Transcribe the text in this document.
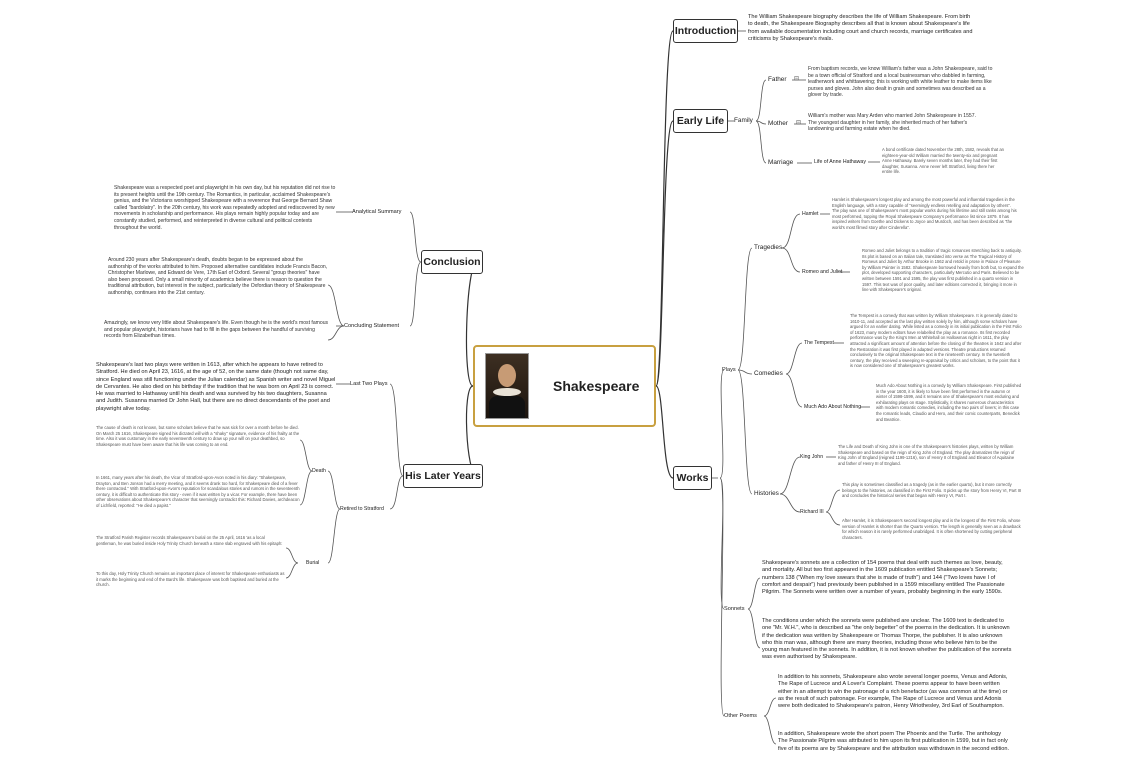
Shakespeare
Introduction
Early Life
Works
Conclusion
His Later Years
The William Shakespeare biography describes the life of William Shakespeare. From birth to death, the Shakespeare Biography describes all that is known about Shakespeare's life from available documentation including court and church records, marriage certificates and criticisms by Shakespeare's rivals.
Family
Father ⊟
From baptism records, we know William's father was a John Shakespeare, said to be a town official of Stratford and a local businessman who dabbled in farming, leatherwork and whittawering; this is working with white leather to make items like purses and gloves. John also dealt in grain and sometimes was described as a glover by trade.
Mother ⊟
William's mother was Mary Arden who married John Shakespeare in 1557. The youngest daughter in her family, she inherited much of her father's landowning and farming estate when he died.
Marriage	Life of Anne Hathaway
A bond certificate dated November the 28th, 1582, reveals that an eighteen-year-old William married the twenty-six and pregnant Anne Hathaway. Barely seven months later, they had their first daughter, Susanna. Anne never left Stratford, living there her entire life.
Plays
Tragedies
Hamlet
Hamlet is Shakespeare's longest play and among the most powerful and influential tragedies in the English language, with a story capable of "seemingly endless retelling and adaptation by others". The play was one of Shakespeare's most popular works during his lifetime and still ranks among his most performed, topping the Royal Shakespeare Company's performance list since 1879. It has inspired writers from Goethe and Dickens to Joyce and Murdoch, and has been described as "the world's most filmed story after Cinderella".
Romeo and Juliet
Romeo and Juliet belongs to a tradition of tragic romances stretching back to antiquity. Its plot is based on an Italian tale, translated into verse as The Tragical History of Romeus and Juliet by Arthur Brooke in 1562 and retold in prose in Palace of Pleasure by William Painter in 1582. Shakespeare borrowed heavily from both but, to expand the plot, developed supporting characters, particularly Mercutio and Paris. Believed to be written between 1591 and 1595, the play was first published in a quarto version in 1597. This text was of poor quality, and later editions corrected it, bringing it more in line with Shakespeare's original.
Comedies
The Tempest
The Tempest is a comedy that was written by William Shakespeare. It is generally dated to 1610-11, and accepted as the last play written solely by him, although some scholars have argued for an earlier dating. While listed as a comedy in its initial publication in the First Folio of 1623, many modern editors have relabelled the play as a romance. Its first recorded performance was by the King's Men at Whitehall on Hallowmas night in 1611, the play attracted a significant amount of attention before the closing of the theatres in 1642 and after the Restoration it was first played in adapted versions. Theatre productions returned conclusively to the original Shakespeare text in the nineteenth century. In the twentieth century, the play received a sweeping re-appraisal by critics and scholars, to the point that it is now considered one of Shakespeare's greatest works.
Much Ado About Nothing
Much Ado About Nothing is a comedy by William Shakespeare. First published in the year 1600, it is likely to have been first performed in the autumn or winter of 1598-1599, and it remains one of Shakespeare's most enduring and exhilarating plays on stage. Stylistically, it shares numerous characteristics with modern romantic comedies, including the two pairs of lovers; in this case the romantic leads, Claudio and Hero, and their comic counterparts, Benedick and Beatrice.
Histories
King John
The Life and Death of King John is one of the Shakespeare's histories plays, written by William Shakespeare and based on the reign of King John of England. The play dramatizes the reign of King John of England (reigned 1199-1216), son of Henry II of England and Eleanor of Aquitaine and father of Henry III of England.
Richard III
This play is sometimes classified as a tragedy (as in the earlier quarto), but it more correctly belongs to the histories, as classified in the First Folio. It picks up the story from Henry VI, Part III and concludes the historical series that began with Henry VI, Part I.
After Hamlet, it is Shakespeare's second longest play and is the longest of the First Folio, whose version of Hamlet is shorter than the Quarto version. The length is generally seen as a drawback for which reason it is rarely performed unabridged. It is often shortened by cutting peripheral characters.
Sonnets
Shakespeare's sonnets are a collection of 154 poems that deal with such themes as love, beauty, and mortality. All but two first appeared in the 1609 publication entitled Shakespeare's Sonnets; numbers 138 ("When my love swears that she is made of truth") and 144 ("Two loves have I of comfort and despair") had previously been published in a 1599 miscellany entitled The Passionate Pilgrim. The Sonnets were written over a number of years, probably beginning in the early 1590s.
The conditions under which the sonnets were published are unclear. The 1609 text is dedicated to one "Mr. W.H.", who is described as "the only begetter" of the poems in the dedication. It is unknown if the dedication was written by Shakespeare or Thomas Thorpe, the publisher. It is also unknown who this man was, although there are many theories, including those who believe him to be the young man featured in the sonnets. In addition, it is not known whether the publication of the sonnets was even authorised by Shakespeare.
Other Poems
In addition to his sonnets, Shakespeare also wrote several longer poems, Venus and Adonis, The Rape of Lucrece and A Lover's Complaint. These poems appear to have been written either in an attempt to win the patronage of a rich benefactor (as was common at the time) or as the result of such patronage. For example, The Rape of Lucrece and Venus and Adonis were both dedicated to Shakespeare's patron, Henry Wriothesley, 3rd Earl of Southampton.
In addition, Shakespeare wrote the short poem The Phoenix and the Turtle. The anthology The Passionate Pilgrim was attributed to him upon its first publication in 1599, but in fact only five of its poems are by Shakespeare and the attribution was withdrawn in the second edition.
Analytical Summary
Shakespeare was a respected poet and playwright in his own day, but his reputation did not rise to its present heights until the 19th century. The Romantics, in particular, acclaimed Shakespeare's genius, and the Victorians worshipped Shakespeare with a reverence that George Bernard Shaw called "bardolatry". In the 20th century, his work was repeatedly adopted and rediscovered by new movements in scholarship and performance. His plays remain highly popular today and are constantly studied, performed, and reinterpreted in diverse cultural and political contexts throughout the world.
Concluding Statement
Around 230 years after Shakespeare's death, doubts began to be expressed about the authorship of the works attributed to him. Proposed alternative candidates include Francis Bacon, Christopher Marlowe, and Edward de Vere, 17th Earl of Oxford. Several "group theories" have also been proposed. Only a small minority of academics believe there is reason to question the traditional attribution, but interest in the subject, particularly the Oxfordian theory of Shakespeare authorship, continues into the 21st century.
Amazingly, we know very little about Shakespeare's life. Even though he is the world's most famous and popular playwright, historians have had to fill in the gaps between the handful of surviving records from Elizabethan times.
Last Two Plays
Shakespeare's last two plays were written in 1613, after which he appears to have retired to Stratford. He died on April 23, 1616, at the age of 52, on the same date (though not same day, since England was still functioning under the Julian calendar) as Spanish writer and novel Miguel de Cervantes. He also died on his birthday if the tradition that he was born on April 23 is correct. He was married to Hathaway until his death and was survived by his two daughters, Susanna and Judith. Susanna married Dr John Hall, but there are no direct descendants of the poet and playwright alive today.
Retired to Stratford
Death
The cause of death is not known, but some scholars believe that he was sick for over a month before he died. On March 25 1616, Shakespeare signed his dictated will with a "shaky" signature, evidence of his frailty at the time. Also it was customary in the early seventeenth century to draw up your will on your deathbed, so Shakespeare must have been aware that his life was coming to an end.
In 1661, many years after his death, the Vicar of Stratford-upon-Avon noted in his diary: "Shakespeare, Drayton, and Ben Jonson had a merry meeting, and it seems drank too hard, for Shakespeare died of a fever there contracted." With Stratford-upon-Avon's reputation for scandalous stories and rumors in the seventeenth century, it is difficult to authenticate this story - even if it was written by a vicar. For example, there have been other observations about Shakespeare's character that seemingly contradict this: Richard Davies, archdeacon of Lichfield, reported: "He died a papist."
Burial
The Stratford Parish Register records Shakespeare's burial on the 25 April, 1616 'as a local gentleman, he was buried inside Holy Trinity Church beneath a stone slab engraved with his epitaph:
To this day, Holy Trinity Church remains an important place of interest for Shakespeare enthusiasts as it marks the beginning and end of the Bard's life. Shakespeare was both baptised and buried at the church.
